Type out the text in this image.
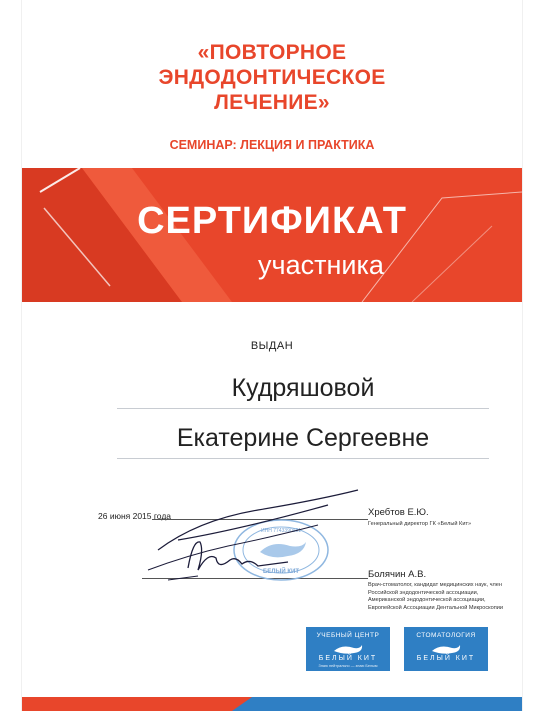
«ПОВТОРНОЕ
ЭНДОДОНТИЧЕСКОЕ
ЛЕЧЕНИЕ»
СЕМИНАР: ЛЕКЦИЯ И ПРАКТИКА
СЕРТИФИКАТ
участника
ВЫДАН
Кудряшовой
Екатерине Сергеевне
26 июня 2015 года
ИНН 7743390931
БЕЛЫЙ КИТ
Хребтов Е.Ю.
Генеральный директор ГК «Белый Кит»
Болячин А.В.
Врач-стоматолог, кандидат медицинских наук, член Российской эндодонтической ассоциации, Американской эндодонтической ассоциации, Европейской Ассоциации Дентальной Микроскопии
УЧЕБНЫЙ ЦЕНТР
БЕЛЫЙ КИТ
Знаю нейтрально — знаю Белым
СТОМАТОЛОГИЯ
БЕЛЫЙ КИТ
